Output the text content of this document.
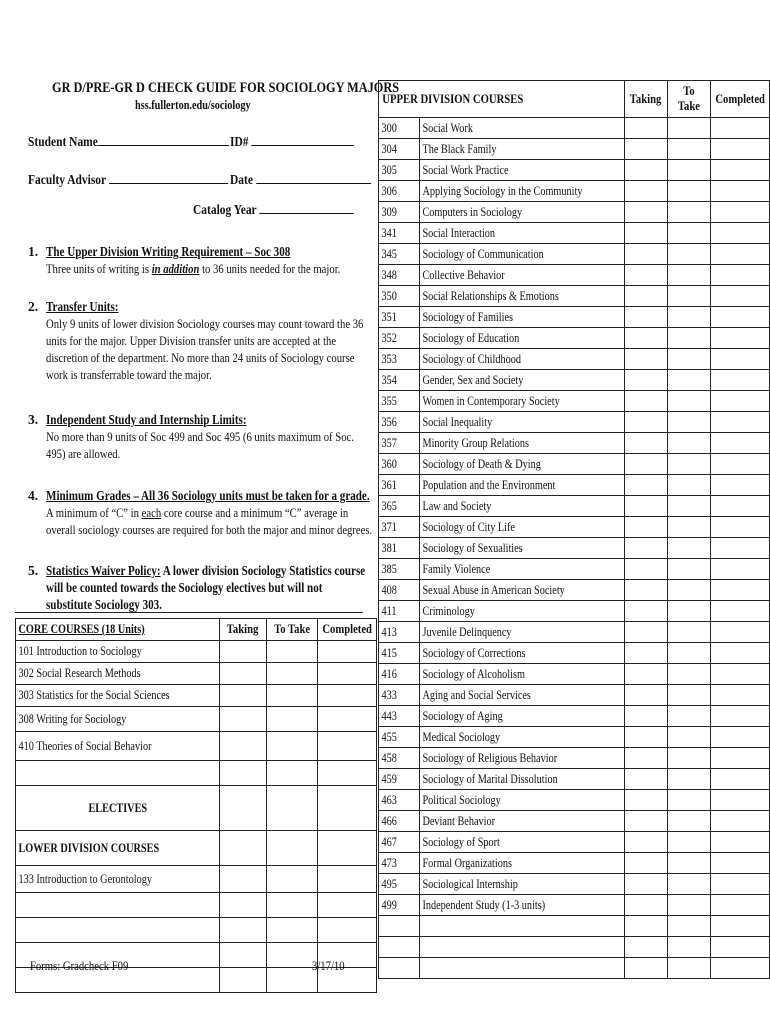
GR D/PRE-GR D CHECK GUIDE FOR SOCIOLOGY MAJORS
hss.fullerton.edu/sociology
Student Name	ID#
Faculty Advisor	Date
Catalog Year
1. The Upper Division Writing Requirement – Soc 308
Three units of writing is in addition to 36 units needed for the major.
2. Transfer Units:
Only 9 units of lower division Sociology courses may count toward the 36 units for the major. Upper Division transfer units are accepted at the discretion of the department. No more than 24 units of Sociology course work is transferrable toward the major.
3. Independent Study and Internship Limits:
No more than 9 units of Soc 499 and Soc 495 (6 units maximum of Soc. 495) are allowed.
4. Minimum Grades – All 36 Sociology units must be taken for a grade.
A minimum of “C” in each core course and a minimum “C” average in overall sociology courses are required for both the major and minor degrees.
5. Statistics Waiver Policy: A lower division Sociology Statistics course will be counted towards the Sociology electives but will not substitute Sociology 303.
CORE COURSES (18 Units)	Taking	To Take	Completed
101 Introduction to Sociology			
302 Social Research Methods			
303 Statistics for the Social Sciences			
308 Writing for Sociology			
410 Theories of Social Behavior			

ELECTIVES			
LOWER DIVISION COURSES			
133 Introduction to Gerontology			

UPPER DIVISION COURSES		Taking	To Take	Completed
300	Social Work			
304	The Black Family			
305	Social Work Practice			
306	Applying Sociology in the Community			
309	Computers in Sociology			
341	Social Interaction			
345	Sociology of Communication			
348	Collective Behavior			
350	Social Relationships & Emotions			
351	Sociology of Families			
352	Sociology of Education			
353	Sociology of Childhood			
354	Gender, Sex and Society			
355	Women in Contemporary Society			
356	Social Inequality			
357	Minority Group Relations			
360	Sociology of Death & Dying			
361	Population and the Environment			
365	Law and Society			
371	Sociology of City Life			
381	Sociology of Sexualities			
385	Family Violence			
408	Sexual Abuse in American Society			
411	Criminology			
413	Juvenile Delinquency			
415	Sociology of Corrections			
416	Sociology of Alcoholism			
433	Aging and Social Services			
443	Sociology of Aging			
455	Medical Sociology			
458	Sociology of Religious Behavior			
459	Sociology of Marital Dissolution			
463	Political Sociology			
466	Deviant Behavior			
467	Sociology of Sport			
473	Formal Organizations			
495	Sociological Internship			
499	Independent Study (1-3 units)			

Forms: Gradcheck F09	3/17/10
